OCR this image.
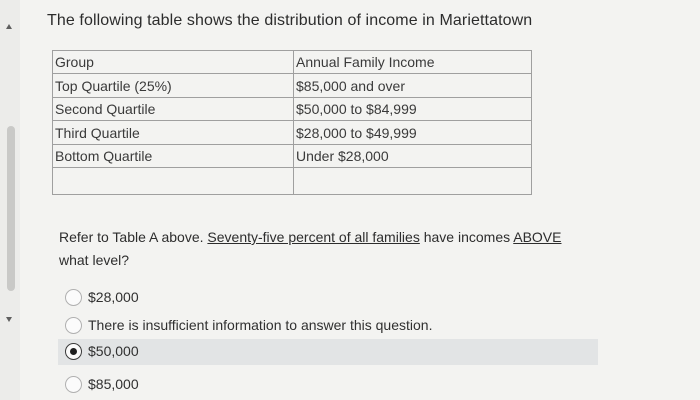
The following table shows the distribution of income in Mariettatown
Group	Annual Family Income
Top Quartile (25%)	$85,000 and over
Second Quartile	$50,000 to $84,999
Third Quartile	$28,000 to $49,999
Bottom Quartile	Under $28,000

Refer to Table A above. Seventy-five percent of all families have incomes ABOVE
what level?
$28,000
There is insufficient information to answer this question.
$50,000
$85,000
